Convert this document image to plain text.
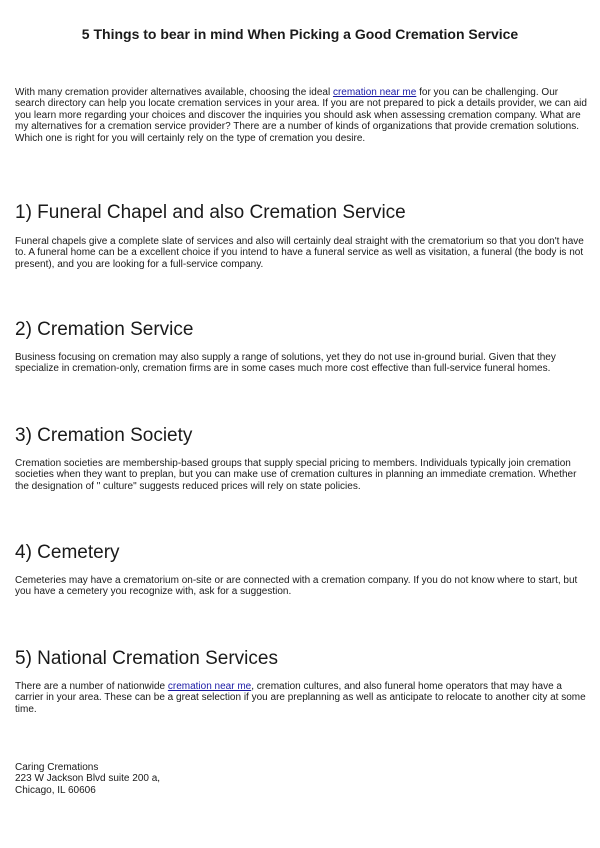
5 Things to bear in mind When Picking a Good Cremation Service

With many cremation provider alternatives available, choosing the ideal cremation near me for you can be challenging. Our search directory can help you locate cremation services in your area. If you are not prepared to pick a details provider, we can aid you learn more regarding your choices and discover the inquiries you should ask when assessing cremation company. What are my alternatives for a cremation service provider? There are a number of kinds of organizations that provide cremation solutions. Which one is right for you will certainly rely on the type of cremation you desire.

1) Funeral Chapel and also Cremation Service

Funeral chapels give a complete slate of services and also will certainly deal straight with the crematorium so that you don't have to. A funeral home can be a excellent choice if you intend to have a funeral service as well as visitation, a funeral (the body is not present), and you are looking for a full-service company.

2) Cremation Service

Business focusing on cremation may also supply a range of solutions, yet they do not use in-ground burial. Given that they specialize in cremation-only, cremation firms are in some cases much more cost effective than full-service funeral homes.

3) Cremation Society

Cremation societies are membership-based groups that supply special pricing to members. Individuals typically join cremation societies when they want to preplan, but you can make use of cremation cultures in planning an immediate cremation. Whether the designation of " culture" suggests reduced prices will rely on state policies.

4) Cemetery

Cemeteries may have a crematorium on-site or are connected with a cremation company. If you do not know where to start, but you have a cemetery you recognize with, ask for a suggestion.

5) National Cremation Services

There are a number of nationwide cremation near me, cremation cultures, and also funeral home operators that may have a carrier in your area. These can be a great selection if you are preplanning as well as anticipate to relocate to another city at some time.

Caring Cremations
223 W Jackson Blvd suite 200 a,
Chicago, IL 60606
